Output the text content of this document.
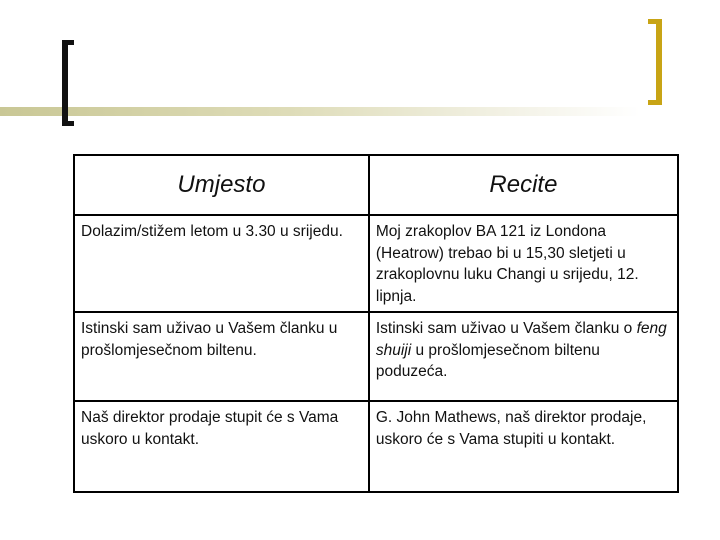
Umjesto	Recite
Dolazim/stižem letom u 3.30 u srijedu.	Moj zrakoplov BA 121 iz Londona (Heatrow) trebao bi u 15,30 sletjeti u zrakoplovnu luku Changi u srijedu, 12. lipnja.
Istinski sam uživao u Vašem članku u prošlomjesečnom biltenu.	Istinski sam uživao u Vašem članku o feng shuiji u prošlomjesečnom biltenu poduzeća.
Naš direktor prodaje stupit će s Vama uskoro u kontakt.	G. John Mathews, naš direktor prodaje, uskoro će s Vama stupiti u kontakt.
